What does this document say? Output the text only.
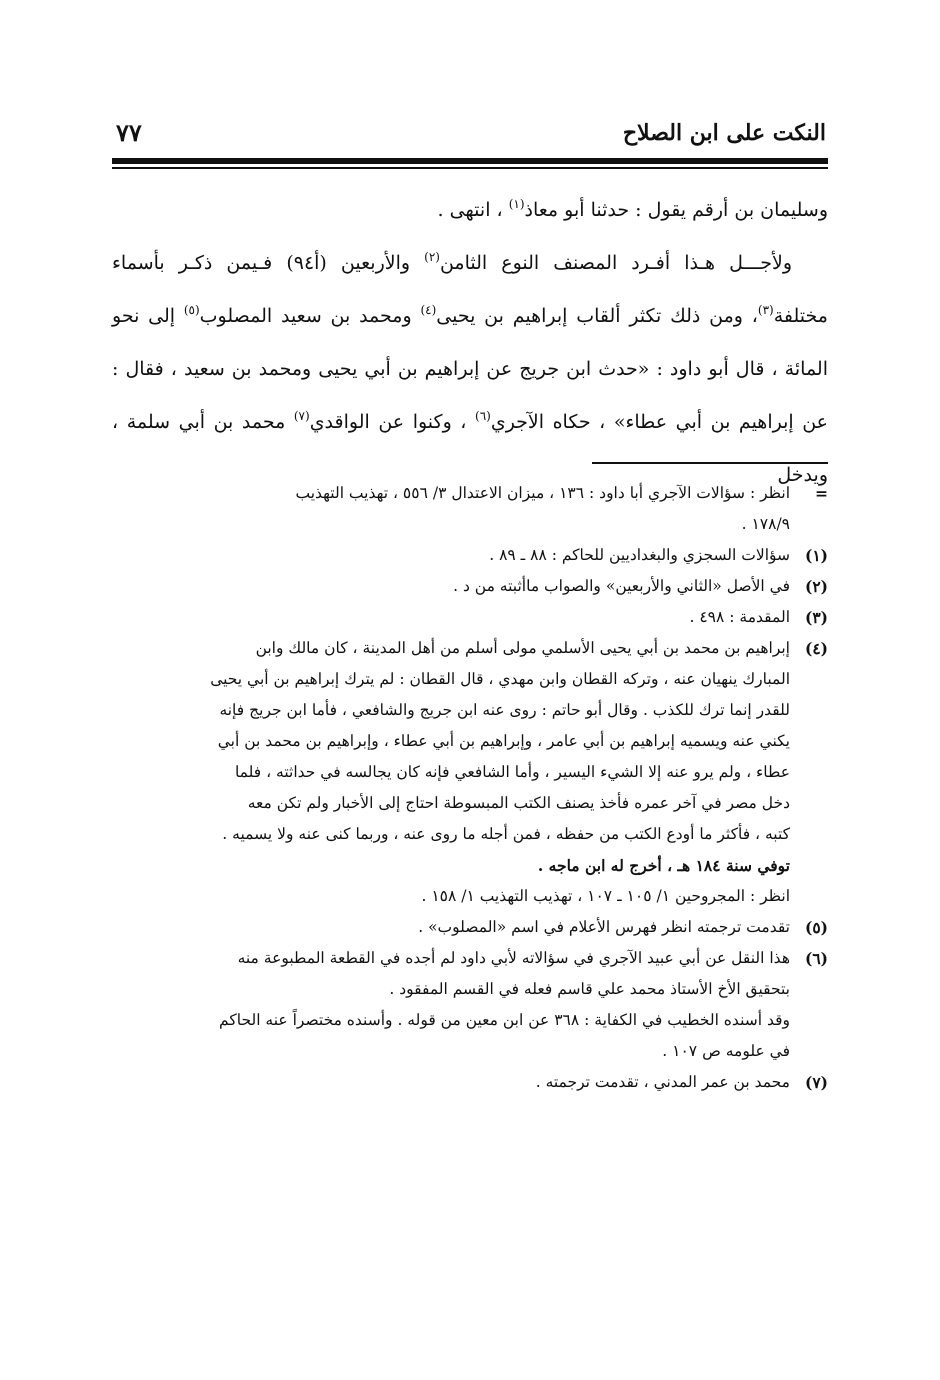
النكت على ابن الصلاح
٧٧

وسليمان بن أرقم يقول : حدثنا أبو معاذ$^{(١)}$ ، انتهى .

ولأجـــل هـذا أفـرد المصنف النوع الثامن$^{(٢)}$ والأربعين (أ٩٤) فـيمن ذكـر بأسماء مختلفة$^{(٣)}$، ومن ذلك تكثر ألقاب إبراهيم بن يحيى$^{(٤)}$ ومحمد بن سعيد المصلوب$^{(٥)}$ إلى نحو المائة ، قال أبو داود : «حدث ابن جريج عن إبراهيم بن أبي يحيى ومحمد بن سعيد ، فقال : عن إبراهيم بن أبي عطاء» ، حكاه الآجري$^{(٦)}$ ، وكنوا عن الواقدي$^{(٧)}$ محمد بن أبي سلمة ، ويدخل

=
انظر : سؤالات الآجري أبا داود : ١٣٦ ، ميزان الاعتدال ٣/ ٥٥٦ ، تهذيب التهذيب
١٧٨/٩ .
(١)
سؤالات السجزي والبغداديين للحاكم : ٨٨ ـ ٨٩ .
(٢)
في الأصل «الثاني والأربعين» والصواب ماأثبته من د .
(٣)
المقدمة : ٤٩٨ .
(٤)
إبراهيم بن محمد بن أبي يحيى الأسلمي مولى أسلم من أهل المدينة ، كان مالك وابن
المبارك ينهيان عنه ، وتركه القطان وابن مهدي ، قال القطان : لم يترك إبراهيم بن أبي يحيى
للقدر إنما ترك للكذب . وقال أبو حاتم : روى عنه ابن جريج والشافعي ، فأما ابن جريج فإنه
يكني عنه ويسميه إبراهيم بن أبي عامر ، وإبراهيم بن أبي عطاء ، وإبراهيم بن محمد بن أبي
عطاء ، ولم يرو عنه إلا الشيء اليسير ، وأما الشافعي فإنه كان يجالسه في حداثته ، فلما
دخل مصر في آخر عمره فأخذ يصنف الكتب المبسوطة احتاج إلى الأخبار ولم تكن معه
كتبه ، فأكثر ما أودع الكتب من حفظه ، فمن أجله ما روى عنه ، وربما كنى عنه ولا يسميه .
توفي سنة ١٨٤ هـ ، أخرج له ابن ماجه .
انظر : المجروحين ١/ ١٠٥ ـ ١٠٧ ، تهذيب التهذيب ١/ ١٥٨ .
(٥)
تقدمت ترجمته انظر فهرس الأعلام في اسم «المصلوب» .
(٦)
هذا النقل عن أبي عبيد الآجري في سؤالاته لأبي داود لم أجده في القطعة المطبوعة منه
بتحقيق الأخ الأستاذ محمد علي قاسم فعله في القسم المفقود .
وقد أسنده الخطيب في الكفاية : ٣٦٨ عن ابن معين من قوله . وأسنده مختصراً عنه الحاكم
في علومه ص ١٠٧ .
(٧)
محمد بن عمر المدني ، تقدمت ترجمته .
